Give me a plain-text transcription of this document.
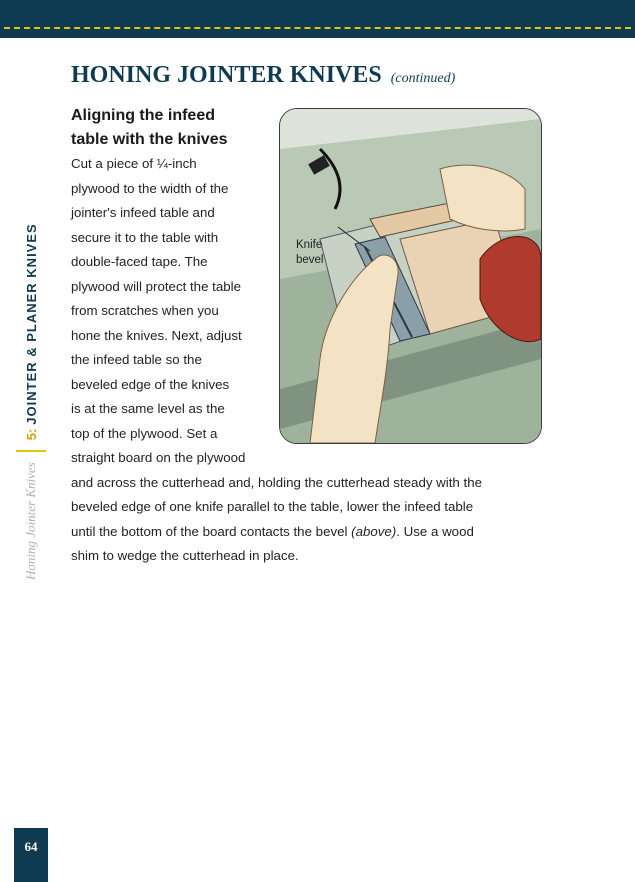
Honing Jointer Knives
5:
JOINTER & PLANER KNIVES
64
HONING JOINTER KNIVES (continued)
Aligning the infeed
table with the knives
Knife
bevel
Cut a piece of ¼-inch
plywood to the width of the
jointer's infeed table and
secure it to the table with
double-faced tape. The
plywood will protect the table
from scratches when you
hone the knives. Next, adjust
the infeed table so the
beveled edge of the knives
is at the same level as the
top of the plywood. Set a
straight board on the plywood
and across the cutterhead and, holding the cutterhead steady with the
beveled edge of one knife parallel to the table, lower the infeed table
until the bottom of the board contacts the bevel (above). Use a wood
shim to wedge the cutterhead in place.
